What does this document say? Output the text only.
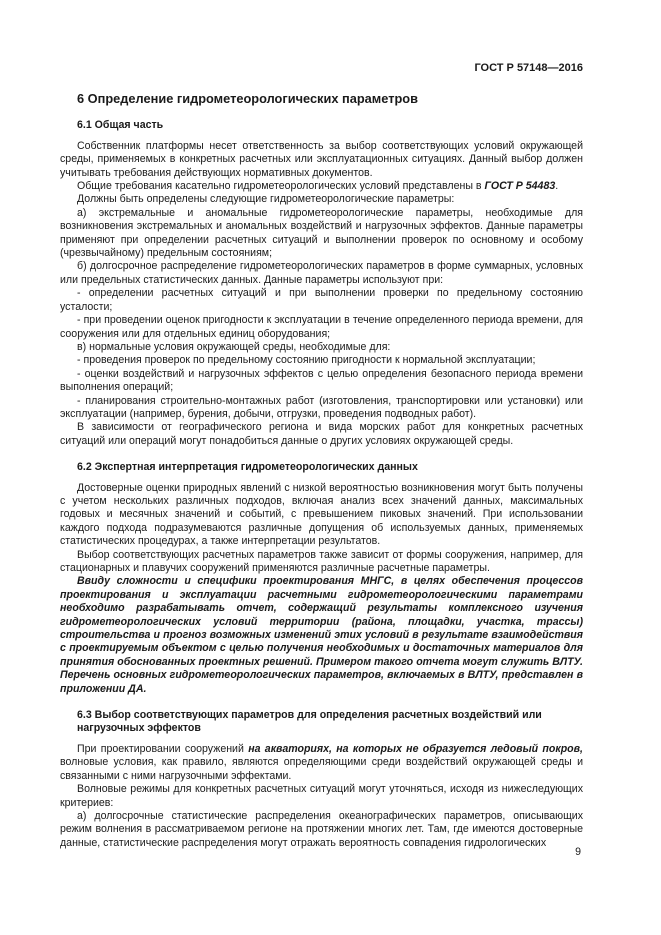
ГОСТ Р 57148—2016
6 Определение гидрометеорологических параметров
6.1 Общая часть

Собственник платформы несет ответственность за выбор соответствующих условий окружающей среды, применяемых в конкретных расчетных или эксплуатационных ситуациях. Данный выбор должен учитывать требования действующих нормативных документов.

Общие требования касательно гидрометеорологических условий представлены в ГОСТ Р 54483.

Должны быть определены следующие гидрометеорологические параметры:

а) экстремальные и аномальные гидрометеорологические параметры, необходимые для возникновения экстремальных и аномальных воздействий и нагрузочных эффектов. Данные параметры применяют при определении расчетных ситуаций и выполнении проверок по основному и особому (чрезвычайному) предельным состояниям;

б) долгосрочное распределение гидрометеорологических параметров в форме суммарных, условных или предельных статистических данных. Данные параметры используют при:

- определении расчетных ситуаций и при выполнении проверки по предельному состоянию усталости;

- при проведении оценок пригодности к эксплуатации в течение определенного периода времени, для сооружения или для отдельных единиц оборудования;

в) нормальные условия окружающей среды, необходимые для:

- проведения проверок по предельному состоянию пригодности к нормальной эксплуатации;

- оценки воздействий и нагрузочных эффектов с целью определения безопасного периода времени выполнения операций;

- планирования строительно-монтажных работ (изготовления, транспортировки или установки) или эксплуатации (например, бурения, добычи, отгрузки, проведения подводных работ).

В зависимости от географического региона и вида морских работ для конкретных расчетных ситуаций или операций могут понадобиться данные о других условиях окружающей среды.

6.2 Экспертная интерпретация гидрометеорологических данных

Достоверные оценки природных явлений с низкой вероятностью возникновения могут быть получены с учетом нескольких различных подходов, включая анализ всех значений данных, максимальных годовых и месячных значений и событий, с превышением пиковых значений. При использовании каждого подхода подразумеваются различные допущения об используемых данных, применяемых статистических процедурах, а также интерпретации результатов.

Выбор соответствующих расчетных параметров также зависит от формы сооружения, например, для стационарных и плавучих сооружений применяются различные расчетные параметры.

Ввиду сложности и специфики проектирования МНГС, в целях обеспечения процессов проектирования и эксплуатации расчетными гидрометеорологическими параметрами необходимо разрабатывать отчет, содержащий результаты комплексного изучения гидрометеорологических условий территории (района, площадки, участка, трассы) строительства и прогноз возможных изменений этих условий в результате взаимодействия с проектируемым объектом с целью получения необходимых и достаточных материалов для принятия обоснованных проектных решений. Примером такого отчета могут служить ВЛТУ. Перечень основных гидрометеорологических параметров, включаемых в ВЛТУ, представлен в приложении ДА.

6.3 Выбор соответствующих параметров для определения расчетных воздействий или нагрузочных эффектов

При проектировании сооружений на акваториях, на которых не образуется ледовый покров, волновые условия, как правило, являются определяющими среди воздействий окружающей среды и связанными с ними нагрузочными эффектами.

Волновые режимы для конкретных расчетных ситуаций могут уточняться, исходя из нижеследующих критериев:

а) долгосрочные статистические распределения океанографических параметров, описывающих режим волнения в рассматриваемом регионе на протяжении многих лет. Там, где имеются достоверные данные, статистические распределения могут отражать вероятность совпадения гидрологических

9
